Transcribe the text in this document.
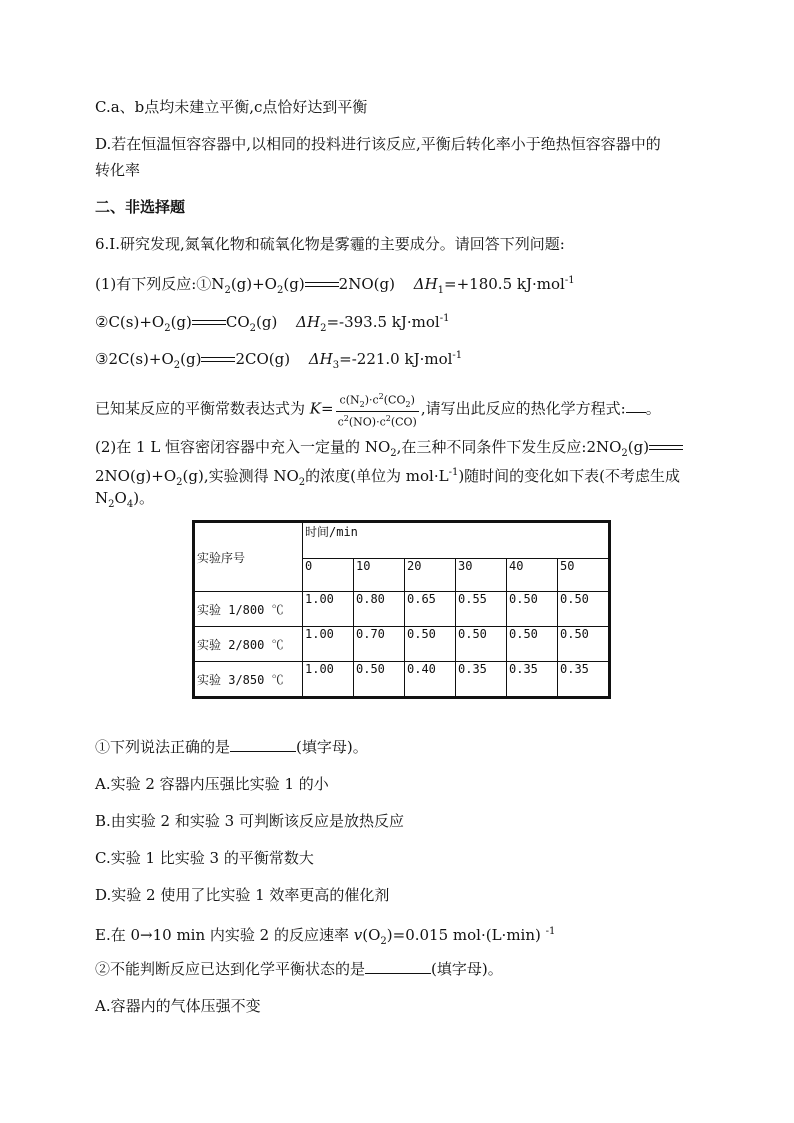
C.a、b点均未建立平衡,c点恰好达到平衡
D.若在恒温恒容容器中,以相同的投料进行该反应,平衡后转化率小于绝热恒容容器中的
转化率
二、非选择题
6.Ⅰ.研究发现,氮氧化物和硫氧化物是雾霾的主要成分。请回答下列问题:
(1)有下列反应$:①N_2(g)+O_2(g)$ 2NO(g) $\Delta H_1=+180.5$ kJ·mol$^{-1}$
$②C(s)+O_2(g)$ $CO_2(g)$ $\Delta H_2=-393.5$ kJ·mol$^{-1}$
$③2C(s)+O_2(g)$ 2CO(g) $\Delta H_3=-221.0$ kJ·mol$^{-1}$
已知某反应的平衡常数表达式为 $K= \frac{c(N_2)\cdot c^2(CO_2)}{c^2(NO)\cdot c^2(CO)}$ ,请写出此反应的热化学方程式: 。
(2)在 1 L 恒容密闭容器中充入一定量的 $NO_2$,在三种不同条件下发生反应$:2NO_2(g)$
$2NO(g)+O_2(g)$,实验测得 $NO_2$的浓度(单位为 $mol\cdot L^{-1}$)随时间的变化如下表(不考虑生成
$N_2O_4$)。
实验序号	时间/min					
	0	10	20	30	40	50
实验 1/800 ℃	1.00	0.80	0.65	0.55	0.50	0.50
实验 2/800 ℃	1.00	0.70	0.50	0.50	0.50	0.50
实验 3/850 ℃	1.00	0.50	0.40	0.35	0.35	0.35
①下列说法正确的是	(填字母)。
A.实验 2 容器内压强比实验 1 的小
B.由实验 2 和实验 3 可判断该反应是放热反应
C.实验 1 比实验 3 的平衡常数大
D.实验 2 使用了比实验 1 效率更高的催化剂
E.在 0→10 min 内实验 2 的反应速率 $v(O_2)=0.015$ mol·(L·min) $^{-1}$
②不能判断反应已达到化学平衡状态的是	(填字母)。
A.容器内的气体压强不变
